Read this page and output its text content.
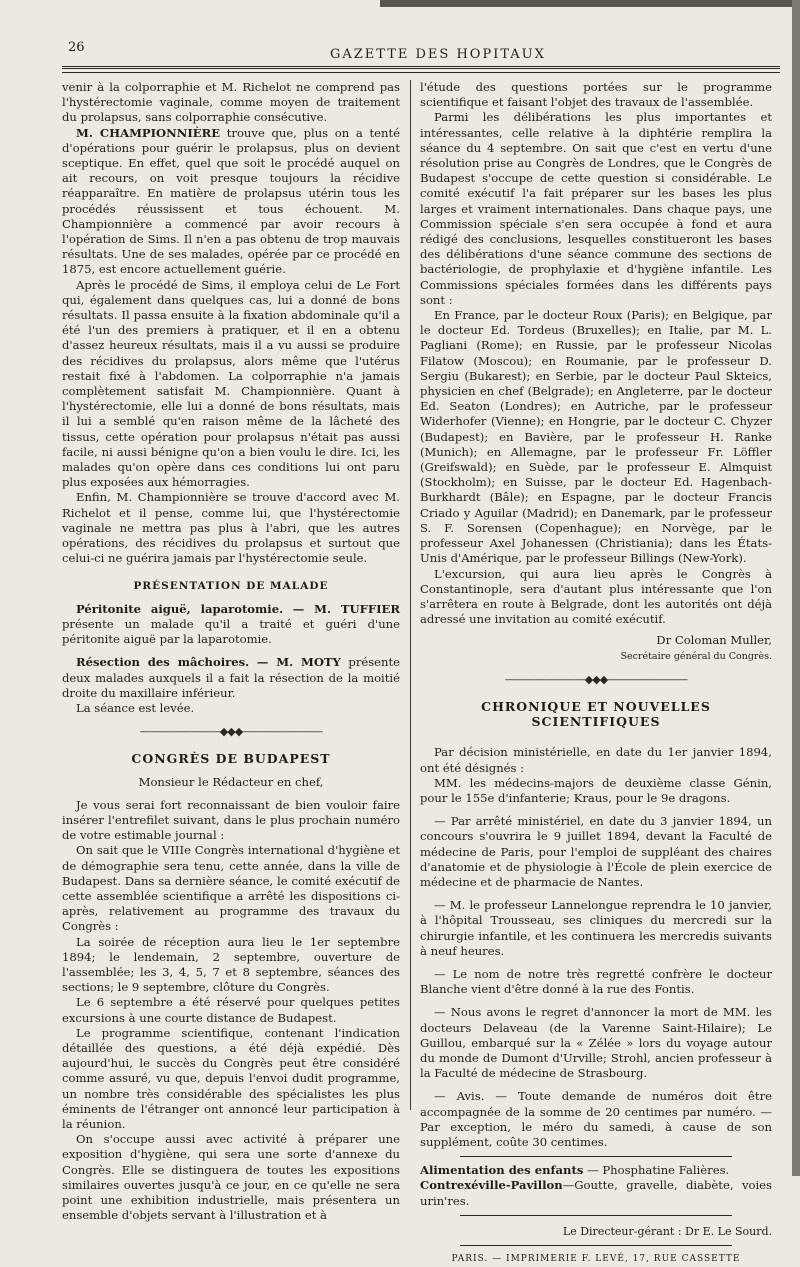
26	GAZETTE DES HOPITAUX

venir à la colporraphie et M. Richelot ne comprend pas l'hystérectomie vaginale, comme moyen de traitement du prolapsus, sans colporraphie consécutive.

M. CHAMPIONNIÈRE trouve que, plus on a tenté d'opérations pour guérir le prolapsus, plus on devient sceptique. En effet, quel que soit le procédé auquel on ait recours, on voit presque toujours la récidive réapparaître. En matière de prolapsus utérin tous les procédés réussissent et tous échouent. M. Championnière a commencé par avoir recours à l'opération de Sims. Il n'en a pas obtenu de trop mauvais résultats. Une de ses malades, opérée par ce procédé en 1875, est encore actuellement guérie.

Après le procédé de Sims, il employa celui de Le Fort qui, également dans quelques cas, lui a donné de bons résultats. Il passa ensuite à la fixation abdominale qu'il a été l'un des premiers à pratiquer, et il en a obtenu d'assez heureux résultats, mais il a vu aussi se produire des récidives du prolapsus, alors même que l'utérus restait fixé à l'abdomen. La colporraphie n'a jamais complètement satisfait M. Championnière. Quant à l'hystérectomie, elle lui a donné de bons résultats, mais il lui a semblé qu'en raison même de la lâcheté des tissus, cette opération pour prolapsus n'était pas aussi facile, ni aussi bénigne qu'on a bien voulu le dire. Ici, les malades qu'on opère dans ces conditions lui ont paru plus exposées aux hémorragies.

Enfin, M. Championnière se trouve d'accord avec M. Richelot et il pense, comme lui, que l'hystérectomie vaginale ne mettra pas plus à l'abri, que les autres opérations, des récidives du prolapsus et surtout que celui-ci ne guérira jamais par l'hystérectomie seule.

PRÉSENTATION DE MALADE

Péritonite aiguë, laparotomie. — M. TUFFIER présente un malade qu'il a traité et guéri d'une péritonite aiguë par la laparotomie.

Résection des mâchoires. — M. MOTY présente deux malades auxquels il a fait la résection de la moitié droite du maxillaire inférieur.

La séance est levée.

————————◆◆◆————————
CONGRÈS DE BUDAPEST

Monsieur le Rédacteur en chef,

Je vous serai fort reconnaissant de bien vouloir faire insérer l'entrefilet suivant, dans le plus prochain numéro de votre estimable journal :

On sait que le VIIIe Congrès international d'hygiène et de démographie sera tenu, cette année, dans la ville de Budapest. Dans sa dernière séance, le comité exécutif de cette assemblée scientifique a arrêté les dispositions ci-après, relativement au programme des travaux du Congrès :

La soirée de réception aura lieu le 1er septembre 1894; le lendemain, 2 septembre, ouverture de l'assemblée; les 3, 4, 5, 7 et 8 septembre, séances des sections; le 9 septembre, clôture du Congrès.

Le 6 septembre a été réservé pour quelques petites excursions à une courte distance de Budapest.

Le programme scientifique, contenant l'indication détaillée des questions, a été déjà expédié. Dès aujourd'hui, le succès du Congrès peut être considéré comme assuré, vu que, depuis l'envoi dudit programme, un nombre très considérable des spécialistes les plus éminents de l'étranger ont annoncé leur participation à la réunion.

On s'occupe aussi avec activité à préparer une exposition d'hygiène, qui sera une sorte d'annexe du Congrès. Elle se distinguera de toutes les expositions similaires ouvertes jusqu'à ce jour, en ce qu'elle ne sera point une exhibition industrielle, mais présentera un ensemble d'objets servant à l'illustration et à

l'étude des questions portées sur le programme scientifique et faisant l'objet des travaux de l'assemblée.

Parmi les délibérations les plus importantes et intéressantes, celle relative à la diphtérie remplira la séance du 4 septembre. On sait que c'est en vertu d'une résolution prise au Congrès de Londres, que le Congrès de Budapest s'occupe de cette question si considérable. Le comité exécutif l'a fait préparer sur les bases les plus larges et vraiment internationales. Dans chaque pays, une Commission spéciale s'en sera occupée à fond et aura rédigé des conclusions, lesquelles constitueront les bases des délibérations d'une séance commune des sections de bactériologie, de prophylaxie et d'hygiène infantile. Les Commissions spéciales formées dans les différents pays sont :

En France, par le docteur Roux (Paris); en Belgique, par le docteur Ed. Tordeus (Bruxelles); en Italie, par M. L. Pagliani (Rome); en Russie, par le professeur Nicolas Filatow (Moscou); en Roumanie, par le professeur D. Sergiu (Bukarest); en Serbie, par le docteur Paul Skteics, physicien en chef (Belgrade); en Angleterre, par le docteur Ed. Seaton (Londres); en Autriche, par le professeur Widerhofer (Vienne); en Hongrie, par le docteur C. Chyzer (Budapest); en Bavière, par le professeur H. Ranke (Munich); en Allemagne, par le professeur Fr. Löffler (Greifswald); en Suède, par le professeur E. Almquist (Stockholm); en Suisse, par le docteur Ed. Hagenbach-Burkhardt (Bâle); en Espagne, par le docteur Francis Criado y Aguilar (Madrid); en Danemark, par le professeur S. F. Sorensen (Copenhague); en Norvège, par le professeur Axel Johanessen (Christiania); dans les États-Unis d'Amérique, par le professeur Billings (New-York).

L'excursion, qui aura lieu après le Congrès à Constantinople, sera d'autant plus intéressante que l'on s'arrêtera en route à Belgrade, dont les autorités ont déjà adressé une invitation au comité exécutif.

Dr Coloman Muller,

Secrétaire général du Congrès.

————————◆◆◆————————
CHRONIQUE ET NOUVELLES SCIENTIFIQUES

Par décision ministérielle, en date du 1er janvier 1894, ont été désignés :

MM. les médecins-majors de deuxième classe Génin, pour le 155e d'infanterie; Kraus, pour le 9e dragons.

— Par arrêté ministériel, en date du 3 janvier 1894, un concours s'ouvrira le 9 juillet 1894, devant la Faculté de médecine de Paris, pour l'emploi de suppléant des chaires d'anatomie et de physiologie à l'École de plein exercice de médecine et de pharmacie de Nantes.

— M. le professeur Lannelongue reprendra le 10 janvier, à l'hôpital Trousseau, ses cliniques du mercredi sur la chirurgie infantile, et les continuera les mercredis suivants à neuf heures.

— Le nom de notre très regretté confrère le docteur Blanche vient d'être donné à la rue des Fontis.

— Nous avons le regret d'annoncer la mort de MM. les docteurs Delaveau (de la Varenne Saint-Hilaire); Le Guillou, embarqué sur la « Zélée » lors du voyage autour du monde de Dumont d'Urville; Strohl, ancien professeur à la Faculté de médecine de Strasbourg.

— Avis. — Toute demande de numéros doit être accompagnée de la somme de 20 centimes par numéro. — Par exception, le méro du samedi, à cause de son supplément, coûte 30 centimes.

Alimentation des enfants — Phosphatine Falières.

Contrexéville-Pavillon—Goutte, gravelle, diabète, voies urin'res.

Le Directeur-gérant : Dr E. Le Sourd.

PARIS. — IMPRIMERIE F. LEVÉ, 17, RUE CASSETTE
